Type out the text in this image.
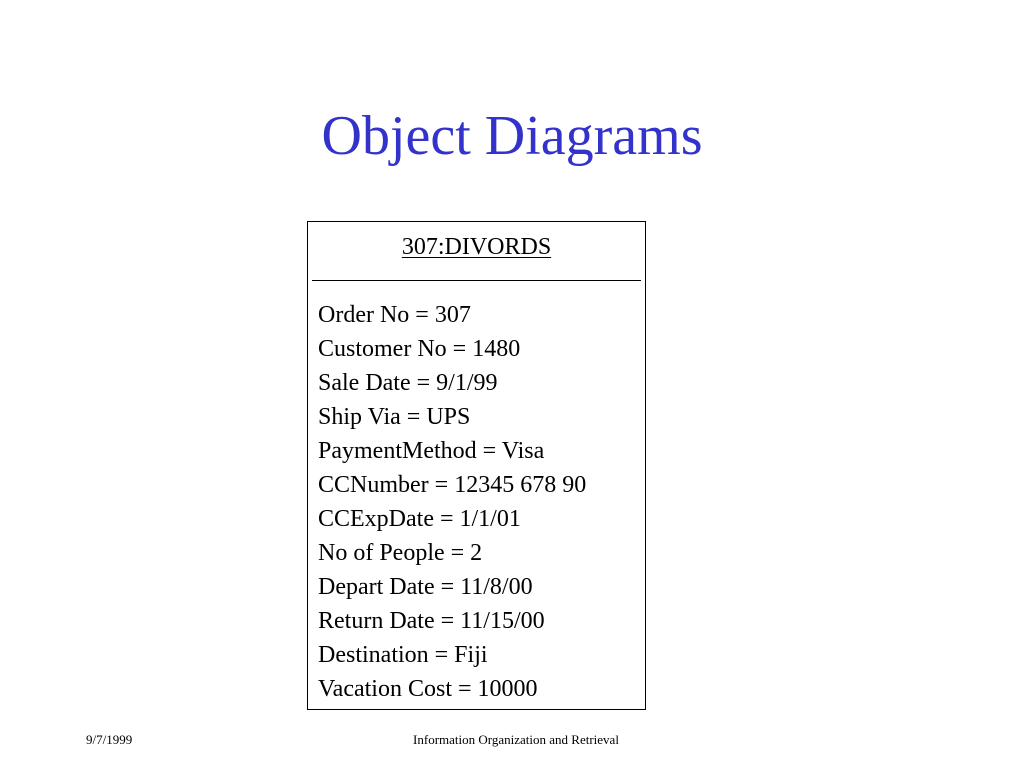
Object Diagrams
307:DIVORDS
Order No = 307
Customer No = 1480
Sale Date = 9/1/99
Ship Via = UPS
PaymentMethod = Visa
CCNumber = 12345 678 90
CCExpDate = 1/1/01
No of People = 2
Depart Date = 11/8/00
Return Date = 11/15/00
Destination = Fiji
Vacation Cost = 10000
9/7/1999	Information Organization and Retrieval
